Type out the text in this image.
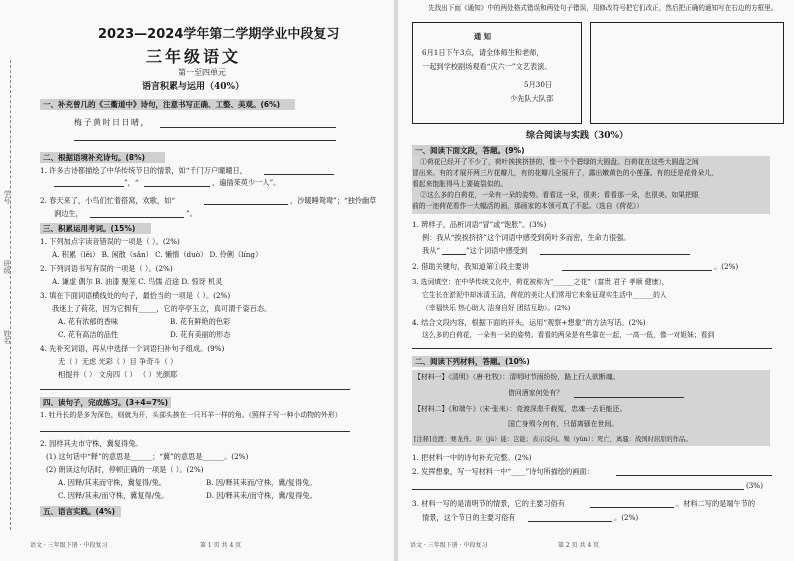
学号
班级
姓名
2023—2024学年第二学期学业中段复习
三年级语文
第一至四单元
语言积累与运用（40%）
一、补充曾几的《三衢道中》诗句，注意书写正确、工整、美观。(6%)
梅子黄时日日晴，
二、根据语境补充诗句。(8%)
1. 许多古诗都描绘了中华传统节日的情景，如“千门万户曈曈日，
”，“	，遍插茱萸少一人”。
2. 春天来了，小鸟们忙着搭窝，欢歌，如“	，沙暖睡鸳鸯”；“独怜幽草
涧边生，	”。
三、积累运用考词。(15%)
1. 下列加点字读音错误的一项是（ ）。(2%)
A. 积累（lěi） B. 闲散（sǎn） C. 懒惰（duò） D. 伶俐（líng）
2. 下列词语书写有误的一项是（ ）。(2%)
A. 谦虚 偶尔 B. 油漆 聚笼 C. 鸟懦 沿途 D. 惊讶 机灵
3. 填在下面词语横线处的句子，最恰当的一项是（ ）。(2%)
我迷上了荷花，因为它拥有_____，它的亭亭玉立，真可谓千姿百态。
A. 花有浓郁的香味	B. 花有鲜艳的色彩
C. 花有高洁的品性	D. 花有美丽的形态
4. 先补充词语，再从中选择一个词语扫补句子组成。(9%)
无（ ）无虑 光彩（ ）目 争奇斗（ ）
相提并（ ） 文房四（ ） （ ）光颜耶
四、读句子，完成练习。(3+4=7%)
1. 牡丹长的是多为深色，则就为开，头部头挨在一只耳羊一样的角。（照样子写一种小动物的外形）
2. 园样其夫市守株，冀复得兔。
(1) 这句话中“释”的意思是______；“冀”的意思是______。(2%)
(2) 朗读这句话时，停顿正确的一项是（ ）。(2%)
A. 因释/其耒而守株，冀复得/兔。	B. 因/释其耒而/守株，冀/复得兔。
C. 因释/其耒/而守株，冀复得/兔。	D. 因/释其耒/而守株，冀/复得兔。
五、语言实践。(4%)
语文 · 三年级下册 · 中段复习	第 1 页 共 4 页
先找出下面《通知》中的两处格式错误和两处句子错误，用修改符号把它们改正，然后把正确的通知写在右边的方框里。
通 知
6月1日下午3点，请全体师生和老师，
一起到学校剧场观看“庆六一”文艺表演。
5月30日
少先队大队部
综合阅读与实践（30%）
一、阅读下面文段，答题。(9%)
①荷花已经开了不少了，荷叶挨挨挤挤的，像一个个碧绿的大圆盘。白荷花在这些大圆盘之间
冒出来。有的才展开两三片花瓣儿，有的花瓣儿全展开了，露出嫩黄色的小莲蓬。有的还是花骨朵儿，
看起来饱胀得马上要破裂似的。
②这么多的白荷花，一朵有一朵的姿势。看看这一朵，很美；看看那一朵，也很美。如果把眼
前的一池荷花看作一大幅活的画，那画家的本领可真了不起。（选自《荷花》）
1. 辨样子，品析词语“冒”或“饱胀”。(3%)
例：我从“挨挨挤挤”这个词语中感受到荷叶多而密，生命力很强。
我从“	”这个词语中感受到
2. 借助关键句，我知道第①段主要讲	。(2%)
3. 选词填空：在中华传统文化中，荷花被称为“______之花”（富贵 君子 孝顺 健康），
它生长在淤泥中却冰清玉洁，荷花的美让人们常用它来象征现实生活中______的人
（幸福快乐 热心助人 洁身自好 团结互助）。(2%)
4. 结合文段内容，根据下面的开头，运用“观察+想象”的方法写话。(2%)
这么多的白荷花，一朵有一朵的姿势。看看的两朵是有些靠在一起，一高一低，像一对姐妹；看到
二、阅读下列材料，答题。(10%)
【材料一】《清明》（唐·杜牧）：清明时节雨纷纷，路上行人欲断魂。
借问酒家何处有？
【材料二】《和端午》（宋·张耒）：竞渡深悲千载冤，忠魂一去讵能还。
国亡身殒今何有，只留离骚在世间。
[注释]竞渡：赛龙舟。讵（jù）能：岂能；表示反问。殒（yǔn）：死亡，离骚：战国时屈原的作品。
1. 把材料一中的诗句补充完整。(2%)
2. 发挥想象，写一写材料一中“____”诗句所描绘的画面：
(3%)
3. 材料一写的是清明节的情景，它的主要习俗有	。材料二写的是端午节的
情景，这个节日的主要习俗有	。(2%)
语文 · 三年级下册 · 中段复习	第 2 页 共 4 页
